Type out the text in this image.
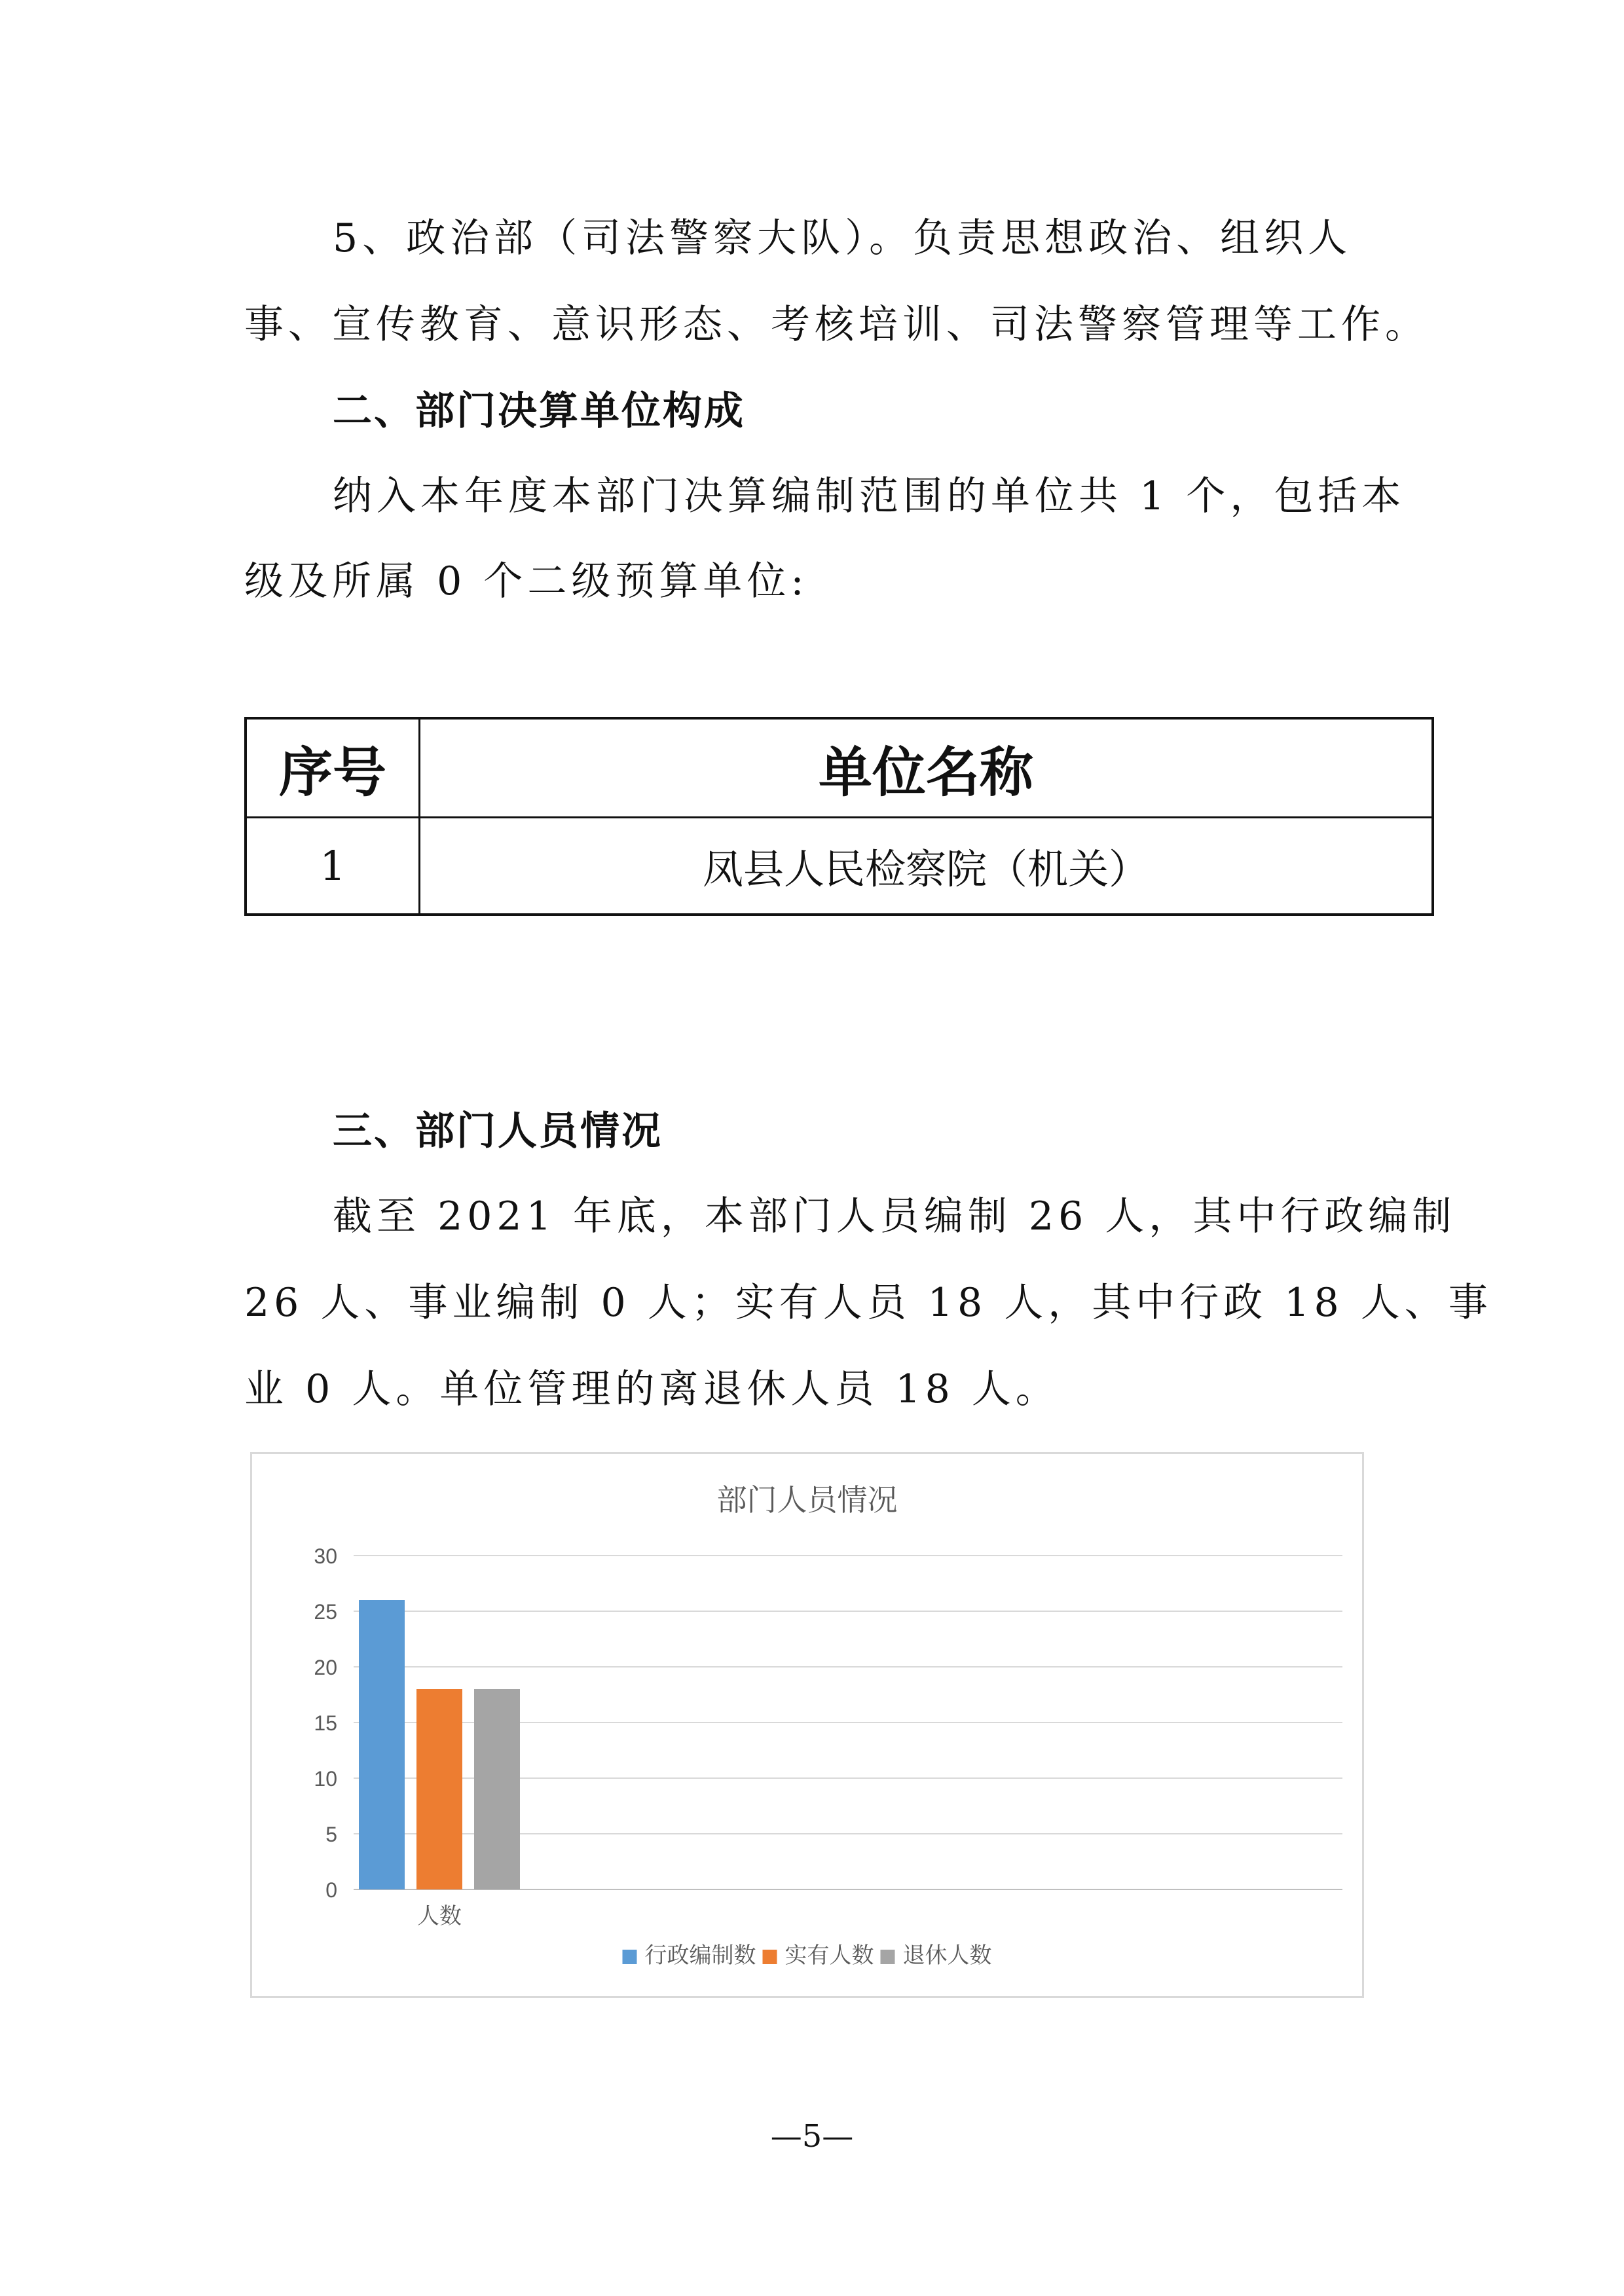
5、政治部（司法警察大队）。负责思想政治、组织人
事、宣传教育、意识形态、考核培训、司法警察管理等工作。
二、部门决算单位构成
纳入本年度本部门决算编制范围的单位共 1 个，包括本
级及所属 0 个二级预算单位:
序号	单位名称
1	凤县人民检察院（机关）
三、部门人员情况
截至 2021 年底，本部门人员编制 26 人，其中行政编制
26 人、事业编制 0 人；实有人员 18 人，其中行政 18 人、事
业 0 人。单位管理的离退休人员 18 人。
部门人员情况
0
5
10
15
20
25
30
人数
行政编制数 实有人数 退休人数
—5—
